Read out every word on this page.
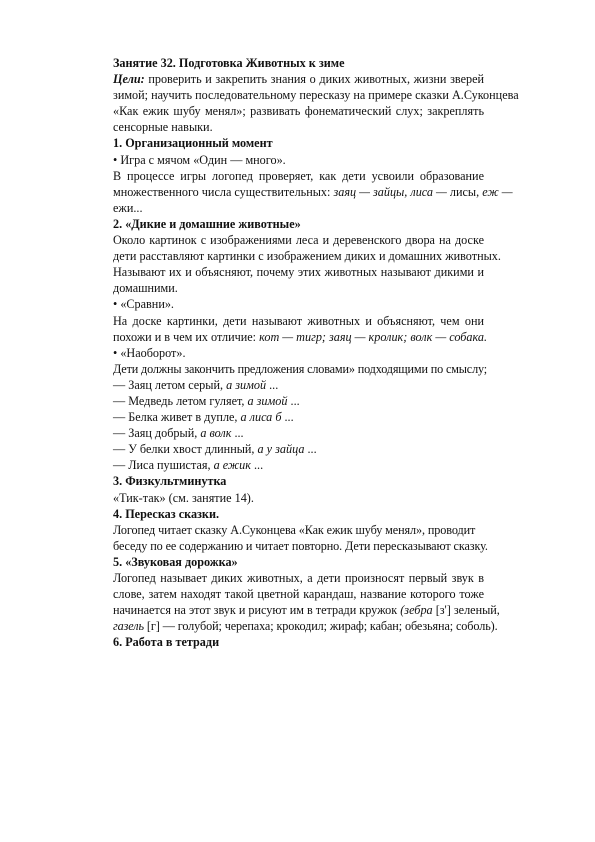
Занятие 32. Подготовка Животных к зиме
Цели: проверить и закрепить знания о диких животных, жизни зверей
зимой; научить последовательному пересказу на примере сказки А.Суконцева
«Как ежик шубу менял»; развивать фонематический слух; закреплять
сенсорные навыки.
1. Организационный момент
• Игра с мячом «Один — много».
В процессе игры логопед проверяет, как дети усвоили образование
множественного числа существительных: заяц — зайцы, лиса — лисы, еж —
ежи...
2. «Дикие и домашние животные»
Около картинок с изображениями леса и деревенского двора на доске
дети расставляют картинки с изображением диких и домашних животных.
Называют их и объясняют, почему этих животных называют дикими и
домашними.
• «Сравни».
На доске картинки, дети называют животных и объясняют, чем они
похожи и в чем их отличие: кот — тигр; заяц — кролик; волк — собака.
• «Наоборот».
Дети должны закончить предложения словами» подходящими по смыслу;
— Заяц летом серый, а зимой ...
— Медведь летом гуляет, а зимой ...
— Белка живет в дупле, а лиса б ...
— Заяц добрый, а волк ...
— У белки хвост длинный, а у зайца ...
— Лиса пушистая, а ежик ...
3. Физкультминутка
«Тик-так» (см. занятие 14).
4. Пересказ сказки.
Логопед читает сказку А.Суконцева «Как ежик шубу менял», проводит
беседу по ее содержанию и читает повторно. Дети пересказывают сказку.
5. «Звуковая дорожка»
Логопед называет диких животных, а дети произносят первый звук в
слове, затем находят такой цветной карандаш, название которого тоже
начинается на этот звук и рисуют им в тетради кружок (зебра [з'] зеленый,
газель [г] — голубой; черепаха; крокодил; жираф; кабан; обезьяна; соболь).
6. Работа в тетради
